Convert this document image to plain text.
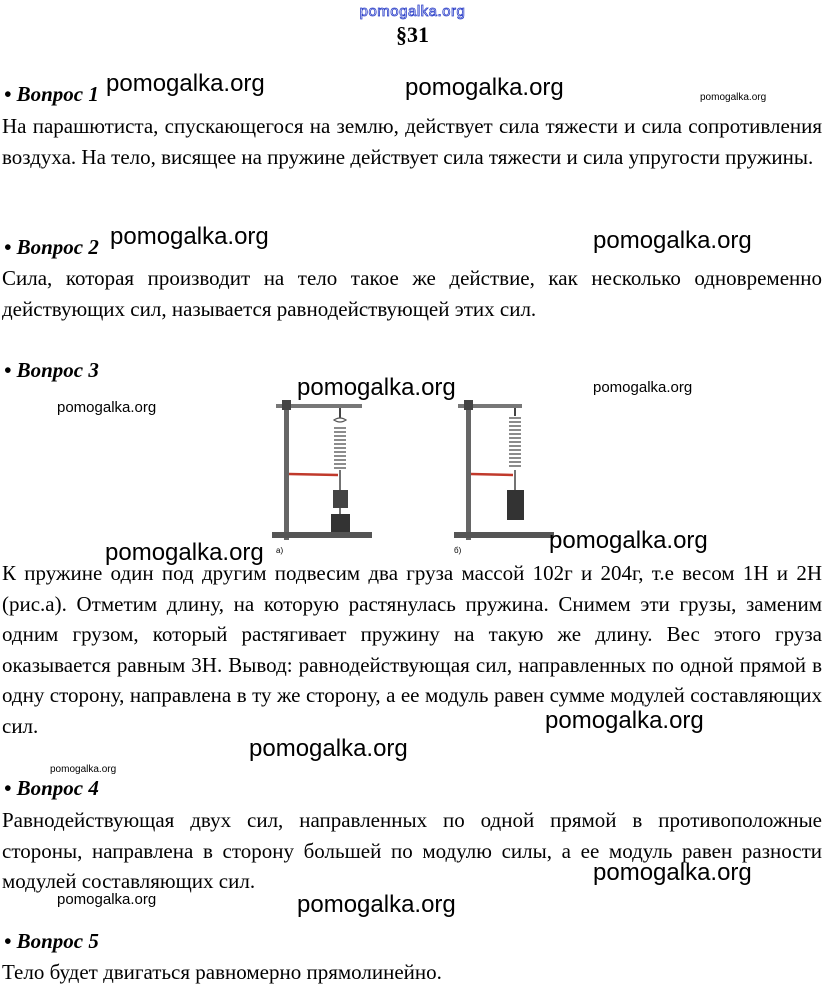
pomogalka.org
§31
• Вопрос 1

На парашютиста, спускающегося на землю, действует сила тяжести и сила сопротивления воздуха. На тело, висящее на пружине действует сила тяжести и сила упругости пружины.

• Вопрос 2

Сила, которая производит на тело такое же действие, как несколько одновременно действующих сил, называется равнодействующей этих сил.

• Вопрос 3
а)	б)

К пружине один под другим подвесим два груза массой 102г и 204г, т.е весом 1Н и 2Н (рис.а). Отметим длину, на которую растянулась пружина. Снимем эти грузы, заменим одним грузом, который растягивает пружину на такую же длину. Вес этого груза оказывается равным 3Н. Вывод: равнодействующая сил, направленных по одной прямой в одну сторону, направлена в ту же сторону, а ее модуль равен сумме модулей составляющих сил.

• Вопрос 4

Равнодействующая двух сил, направленных по одной прямой в противоположные стороны, направлена в сторону большей по модулю силы, а ее модуль равен разности модулей составляющих сил.

• Вопрос 5

Тело будет двигаться равномерно прямолинейно.

pomogalka.org	pomogalka.org	pomogalka.org
pomogalka.org	pomogalka.org
pomogalka.org	pomogalka.org
pomogalka.org
pomogalka.org
pomogalka.org
pomogalka.org
pomogalka.org
pomogalka.org
pomogalka.org
pomogalka.org	pomogalka.org
